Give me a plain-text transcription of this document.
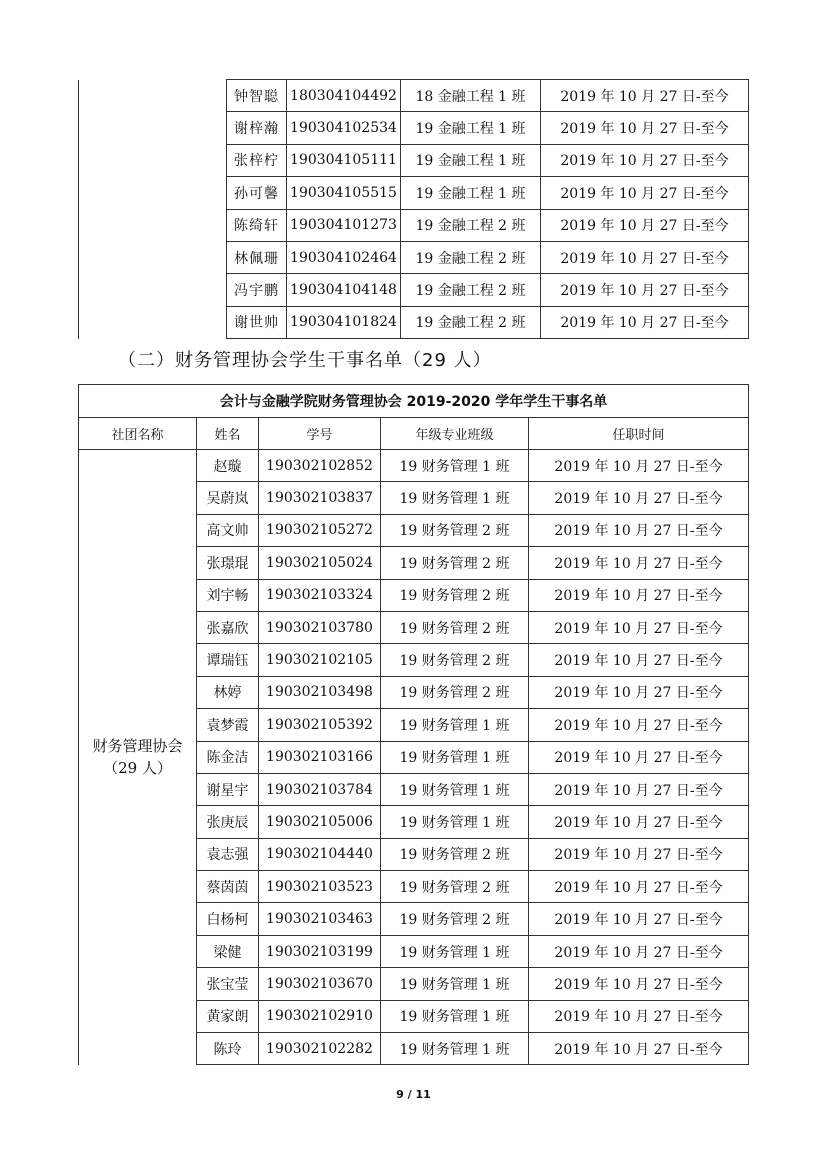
	钟智聪	180304104492	18 金融工程 1 班	2019 年 10 月 27 日-至今
	谢梓瀚	190304102534	19 金融工程 1 班	2019 年 10 月 27 日-至今
	张梓柠	190304105111	19 金融工程 1 班	2019 年 10 月 27 日-至今
	孙可馨	190304105515	19 金融工程 1 班	2019 年 10 月 27 日-至今
	陈绮轩	190304101273	19 金融工程 2 班	2019 年 10 月 27 日-至今
	林佩珊	190304102464	19 金融工程 2 班	2019 年 10 月 27 日-至今
	冯宇鹏	190304104148	19 金融工程 2 班	2019 年 10 月 27 日-至今
	谢世帅	190304101824	19 金融工程 2 班	2019 年 10 月 27 日-至今
（二）财务管理协会学生干事名单（29 人）
会计与金融学院财务管理协会 2019-2020 学年学生干事名单				
社团名称	姓名	学号	年级专业班级	任职时间

财务管理协会
（29 人）	赵璇	190302102852	19 财务管理 1 班	2019 年 10 月 27 日-至今
	吴蔚岚	190302103837	19 财务管理 1 班	2019 年 10 月 27 日-至今
	高文帅	190302105272	19 财务管理 2 班	2019 年 10 月 27 日-至今
	张璟琨	190302105024	19 财务管理 2 班	2019 年 10 月 27 日-至今
	刘宇畅	190302103324	19 财务管理 2 班	2019 年 10 月 27 日-至今
	张嘉欣	190302103780	19 财务管理 2 班	2019 年 10 月 27 日-至今
	谭瑞钰	190302102105	19 财务管理 2 班	2019 年 10 月 27 日-至今
	林婷	190302103498	19 财务管理 2 班	2019 年 10 月 27 日-至今
	袁梦霞	190302105392	19 财务管理 1 班	2019 年 10 月 27 日-至今
	陈金洁	190302103166	19 财务管理 1 班	2019 年 10 月 27 日-至今
	谢星宇	190302103784	19 财务管理 1 班	2019 年 10 月 27 日-至今
	张庚辰	190302105006	19 财务管理 1 班	2019 年 10 月 27 日-至今
	袁志强	190302104440	19 财务管理 2 班	2019 年 10 月 27 日-至今
	蔡茵茵	190302103523	19 财务管理 2 班	2019 年 10 月 27 日-至今
	白杨柯	190302103463	19 财务管理 2 班	2019 年 10 月 27 日-至今
	梁健	190302103199	19 财务管理 1 班	2019 年 10 月 27 日-至今
	张宝莹	190302103670	19 财务管理 1 班	2019 年 10 月 27 日-至今
	黄家朗	190302102910	19 财务管理 1 班	2019 年 10 月 27 日-至今
	陈玲	190302102282	19 财务管理 1 班	2019 年 10 月 27 日-至今
9 / 11
